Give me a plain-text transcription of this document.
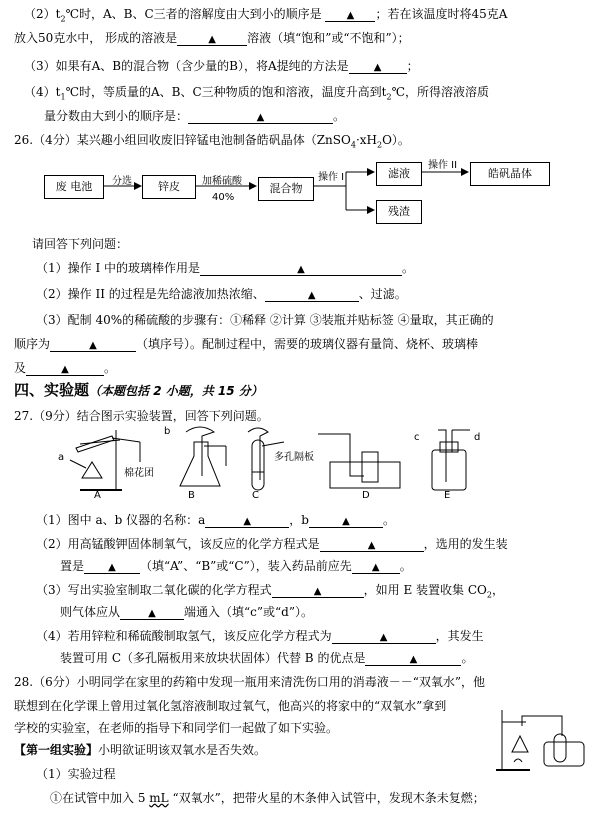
$(2)t_2℃$时，A、B、C三者的溶解度由大到小的顺序是 ▲ ；若在该温度时将45克A
放入50克水中， 形成的溶液是	▲	溶液（填“饱和”或“不饱和”）；
（3）如果有A、B的混合物（含少量的B），将A提纯的方法是	▲ ；
$(4)t_1℃$时，等质量的A、B、C三种物质的饱和溶液，温度升高到$t_2℃$，所得溶液溶质
量分数由大到小的顺序是：	▲	。
26.（4分）某兴趣小组回收废旧锌锰电池制备皓矾晶体$(ZnSO_4\cdot xH_2O)$。
废 电池	分选	锌皮	加稀硫酸
40%
混合物
操作 I	滤液
操作 II
皓矾晶体
残渣
请回答下列问题：
（1）操作 I 中的玻璃棒作用是	▲	。
（2）操作 II 的过程是先给滤液加热浓缩、	▲	、过滤。
（3）配制 40%的稀硫酸的步骤有：①稀释 ②计算 ③装瓶并贴标签 ④量取，其正确的
顺序为	▲	（填序号）。配制过程中，需要的玻璃仪器有量筒、烧杯、玻璃棒
及	▲	。
四、实验题（本题包括 2 小题，共 15 分）
27.（9分）结合图示实验装置，回答下列问题。
a
b
棉花团
多孔隔板
c	d
A	B	C	D	E
（1）图中 a、b 仪器的名称：a	▲	，b	▲	。
（2）用高锰酸钾固体制氧气，该反应的化学方程式是	▲	，选用的发生装
置是 ▲ （填“A”、“B”或“C”），装入药品前应先 ▲ 。
（3）写出实验室制取二氧化碳的化学方程式	▲	，如用 E 装置收集 $CO_2$，
则气体应从	▲ 端通入（填“c”或“d”）。
（4）若用锌粒和稀硫酸制取氢气，该反应化学方程式为	▲	，其发生
装置可用 C（多孔隔板用来放块状固体）代替 B 的优点是	▲	。
28.（6分）小明同学在家里的药箱中发现一瓶用来清洗伤口用的消毒液－－“双氧水”，他
联想到在化学课上曾用过氧化氢溶液制取过氧气，他高兴的将家中的“双氧水”拿到
学校的实验室，在老师的指导下和同学们一起做了如下实验。
【第一组实验】小明欲证明该双氧水是否失效。
（1）实验过程
①在试管中加入 5 mL “双氧水”，把带火星的木条伸入试管中，发现木条未复燃；
